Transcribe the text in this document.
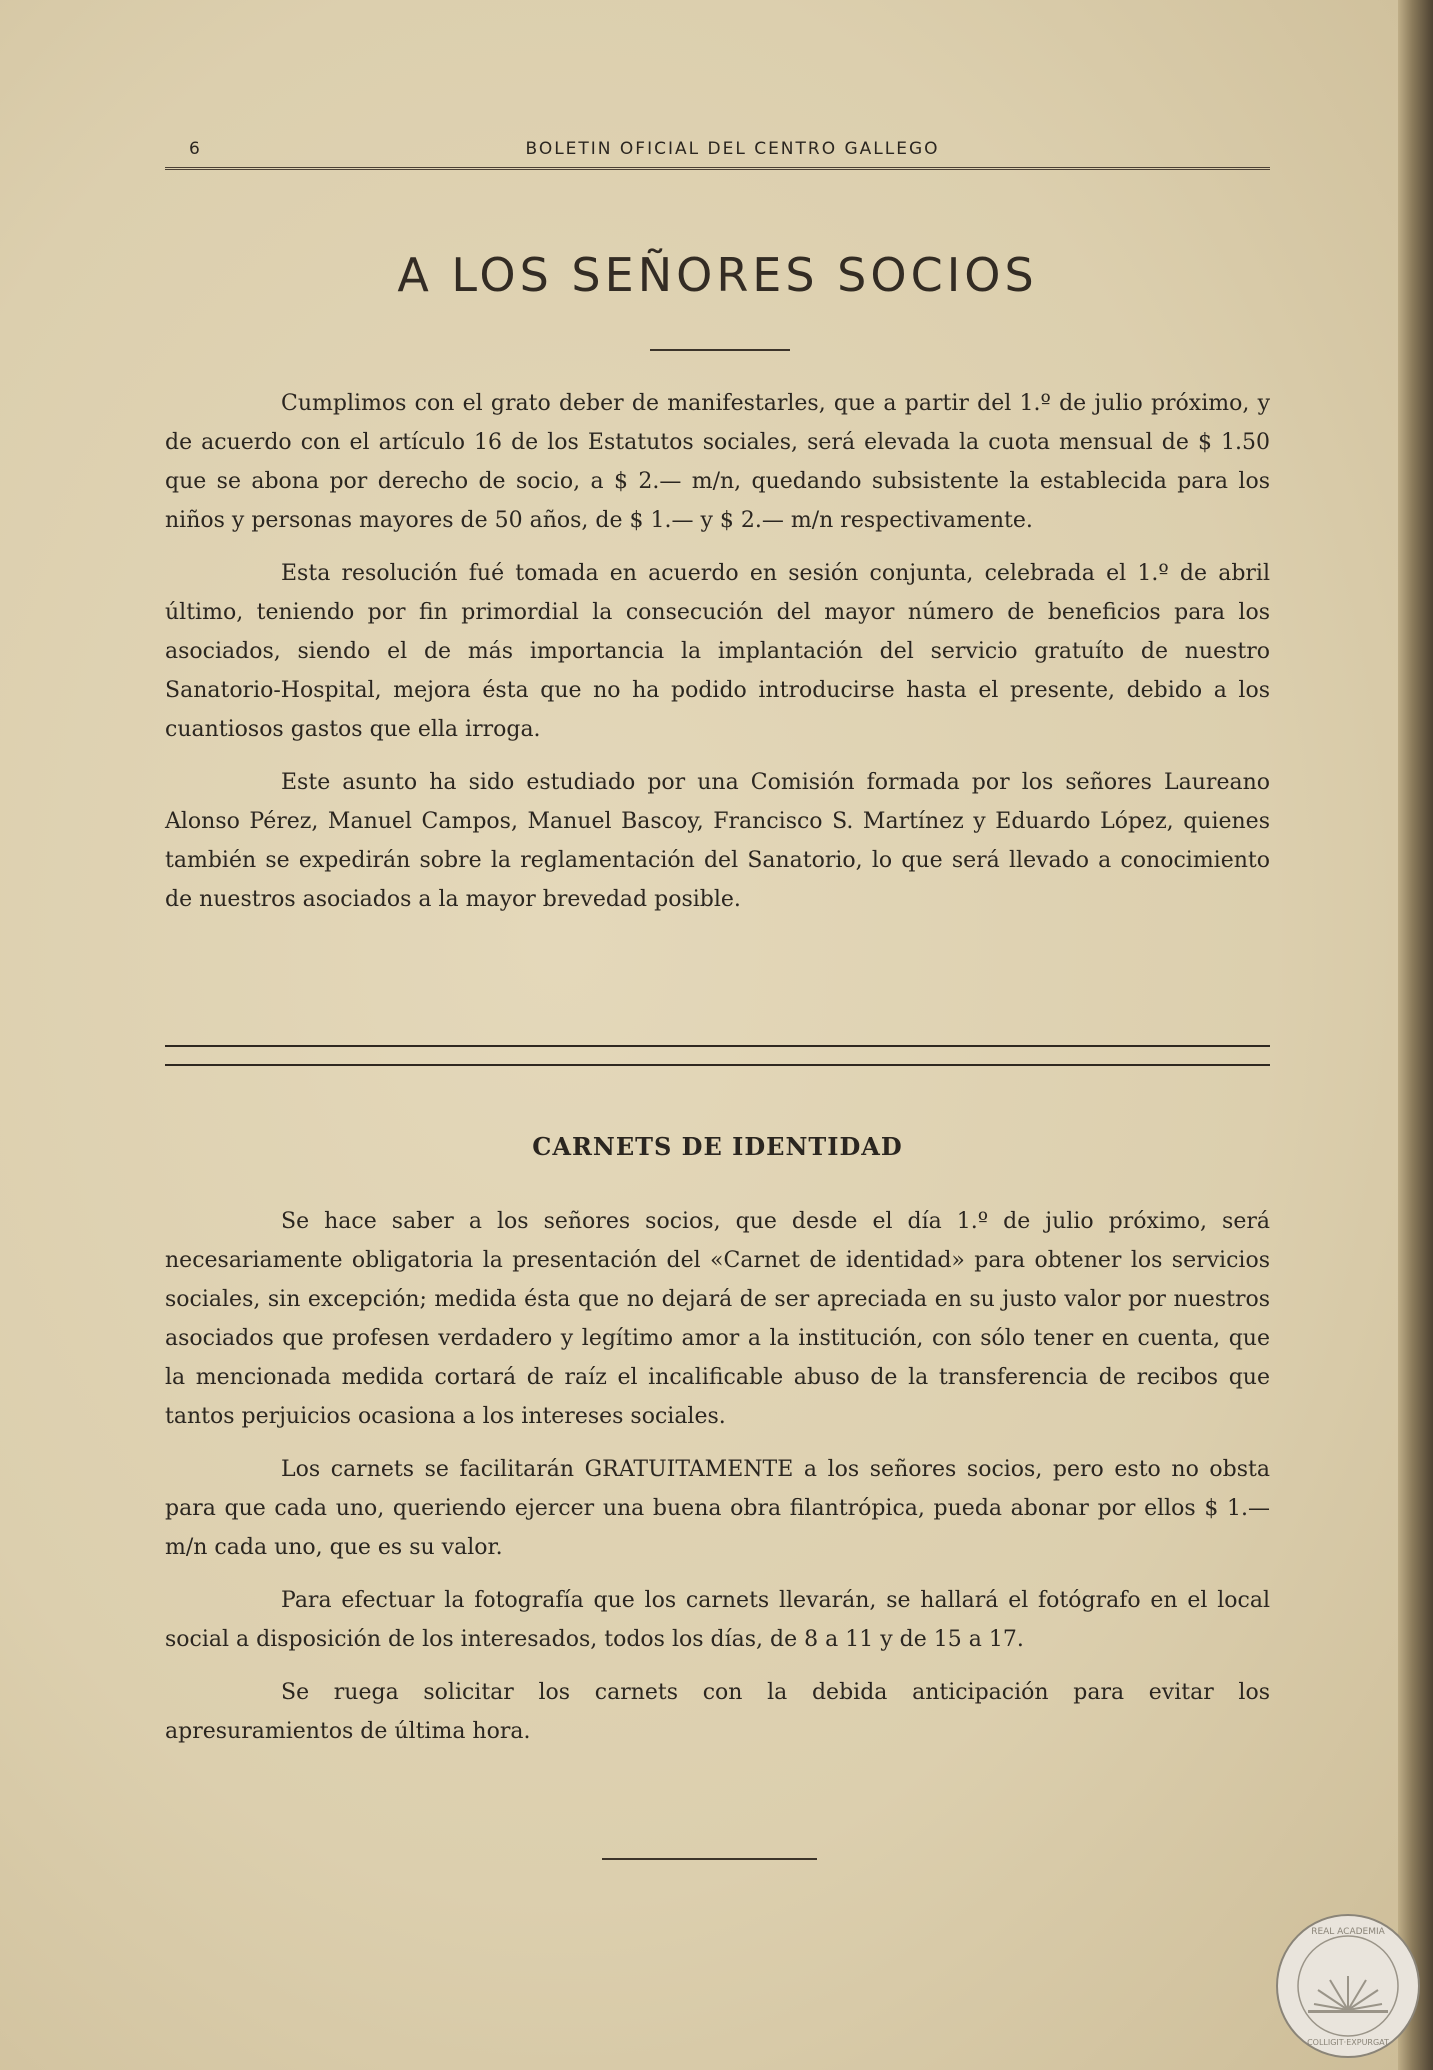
6	BOLETIN OFICIAL DEL CENTRO GALLEGO
A LOS SEÑORES SOCIOS

Cumplimos con el grato deber de manifestarles, que a partir del 1.º de julio próximo, y de acuerdo con el artículo 16 de los Estatutos sociales, será elevada la cuota mensual de $ 1.50 que se abona por derecho de socio, a $ 2.— m/n, quedando subsistente la establecida para los niños y personas mayores de 50 años, de $ 1.— y $ 2.— m/n respectivamente.

Esta resolución fué tomada en acuerdo en sesión conjunta, celebrada el 1.º de abril último, teniendo por fin primordial la consecución del mayor número de beneficios para los asociados, siendo el de más importancia la implantación del servicio gratuíto de nuestro Sanatorio-Hospital, mejora ésta que no ha podido introducirse hasta el presente, debido a los cuantiosos gastos que ella irroga.

Este asunto ha sido estudiado por una Comisión formada por los señores Laureano Alonso Pérez, Manuel Campos, Manuel Bascoy, Francisco S. Martínez y Eduardo López, quienes también se expedirán sobre la reglamentación del Sanatorio, lo que será llevado a conocimiento de nuestros asociados a la mayor brevedad posible.

CARNETS DE IDENTIDAD

Se hace saber a los señores socios, que desde el día 1.º de julio próximo, será necesariamente obligatoria la presentación del «Carnet de identidad» para obtener los servicios sociales, sin excepción; medida ésta que no dejará de ser apreciada en su justo valor por nuestros asociados que profesen verdadero y legítimo amor a la institución, con sólo tener en cuenta, que la mencionada medida cortará de raíz el incalificable abuso de la transferencia de recibos que tantos perjuicios ocasiona a los intereses sociales.

Los carnets se facilitarán GRATUITAMENTE a los señores socios, pero esto no obsta para que cada uno, queriendo ejercer una buena obra filantrópica, pueda abonar por ellos $ 1.— m/n cada uno, que es su valor.

Para efectuar la fotografía que los carnets llevarán, se hallará el fotógrafo en el local social a disposición de los interesados, todos los días, de 8 a 11 y de 15 a 17.

Se ruega solicitar los carnets con la debida anticipación para evitar los apresuramientos de última hora.

REAL ACADEMIA
COLLIGIT·EXPURGAT
